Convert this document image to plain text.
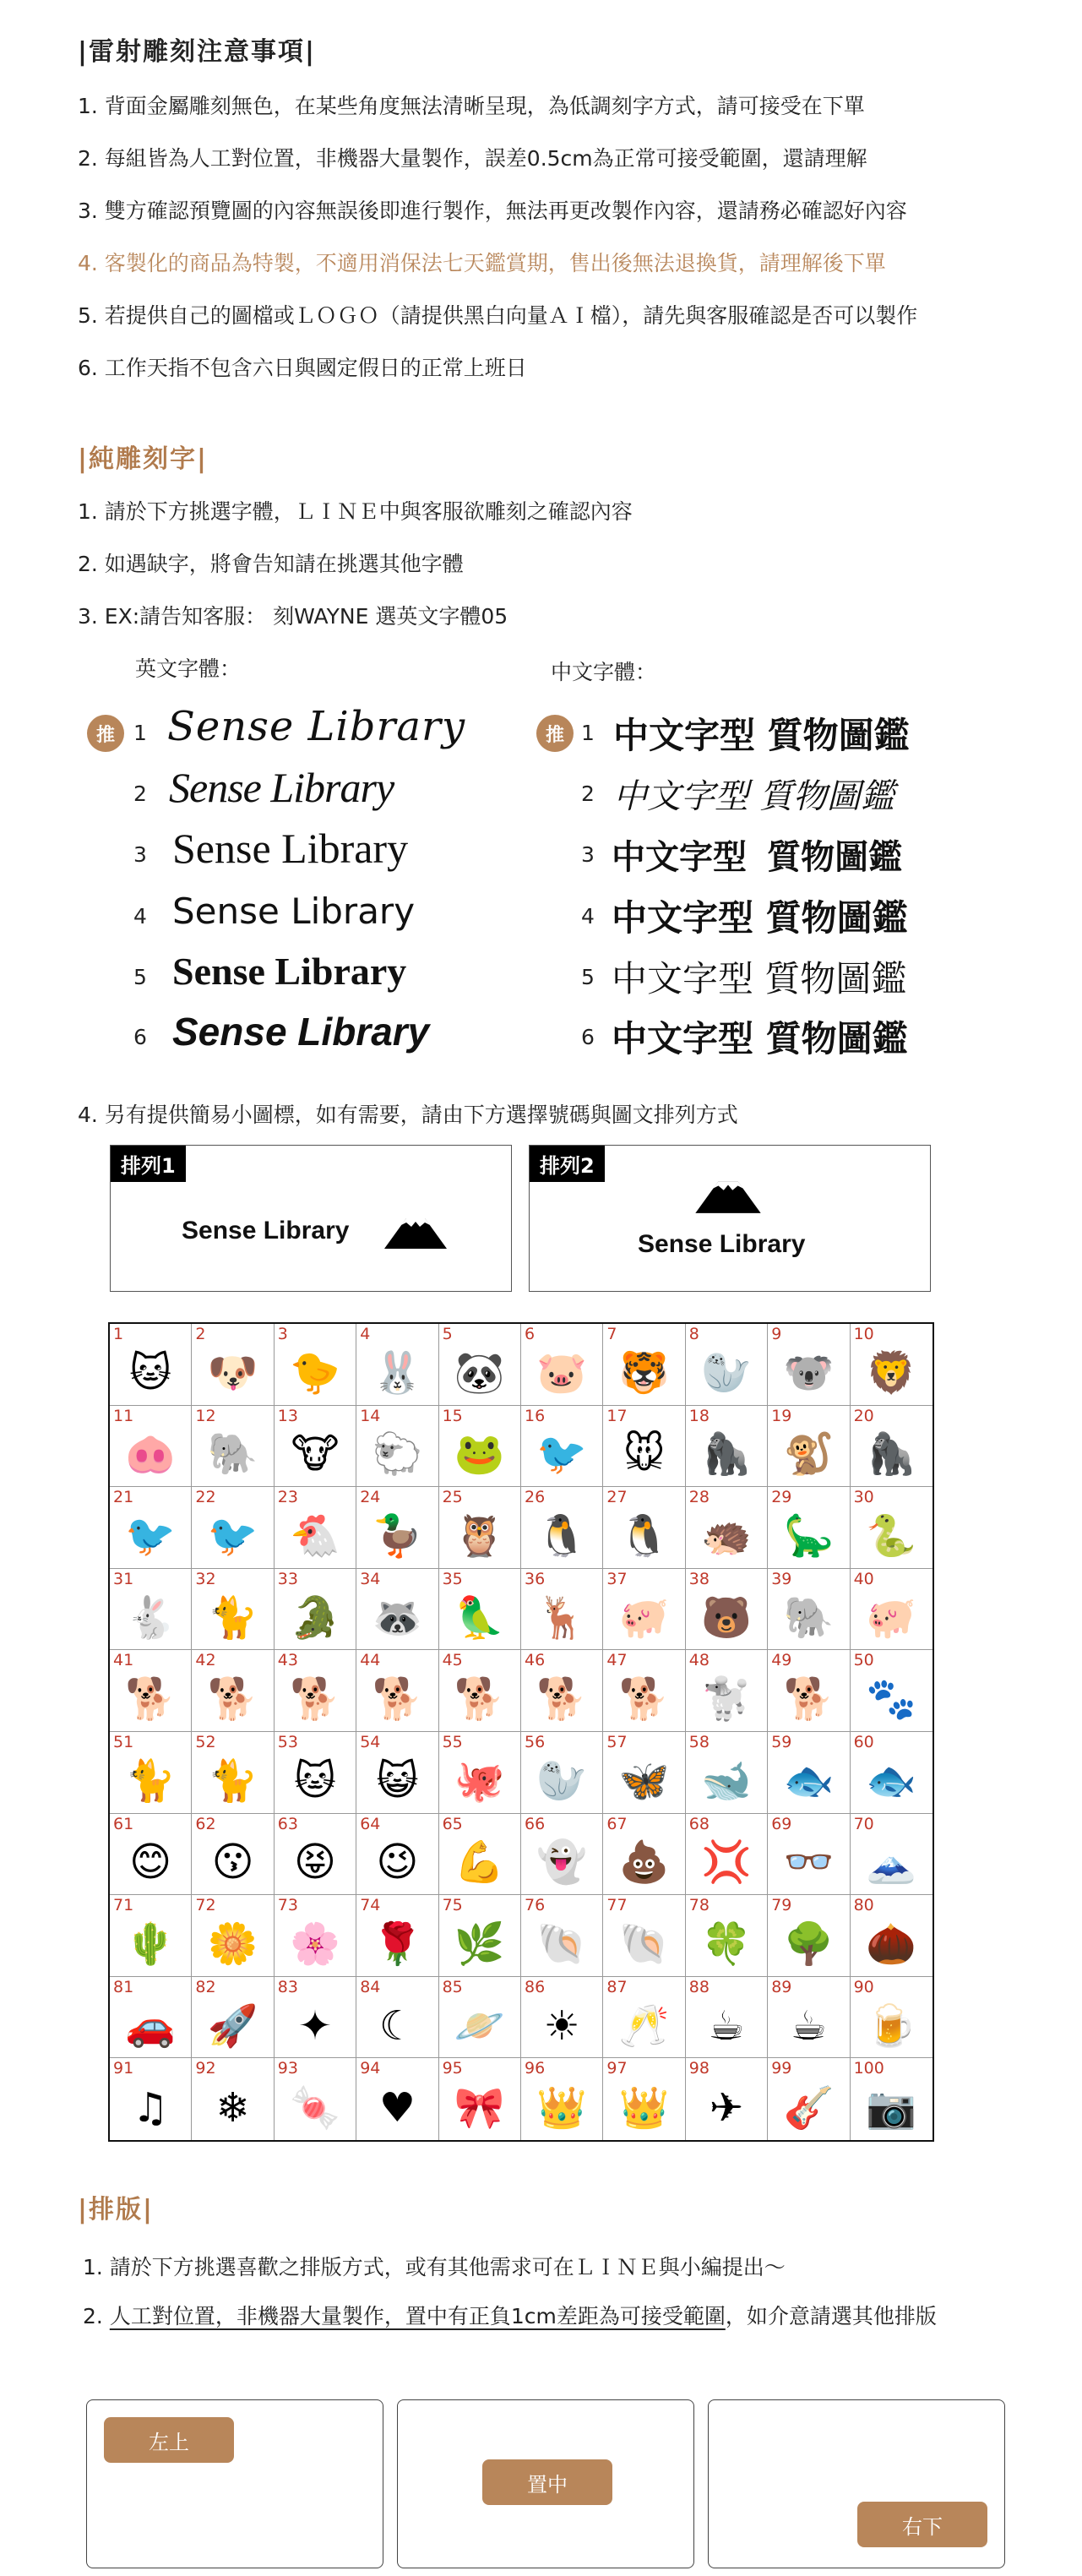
|雷射雕刻注意事項|
1. 背面金屬雕刻無色，在某些角度無法清晰呈現，為低調刻字方式，請可接受在下單
2. 每組皆為人工對位置，非機器大量製作，誤差0.5cm為正常可接受範圍，還請理解
3. 雙方確認預覽圖的內容無誤後即進行製作，無法再更改製作內容，還請務必確認好內容
4. 客製化的商品為特製，不適用消保法七天鑑賞期，售出後無法退換貨，請理解後下單
5. 若提供自己的圖檔或ＬＯＧＯ（請提供黑白向量ＡＩ檔），請先與客服確認是否可以製作
6. 工作天指不包含六日與國定假日的正常上班日
|純雕刻字|
1. 請於下方挑選字體，ＬＩＮＥ中與客服欲雕刻之確認內容
2. 如遇缺字，將會告知請在挑選其他字體
3. EX:請告知客服： 刻WAYNE 選英文字體05
英文字體：	中文字體：
推 1 Sense Library
2 Sense Library
3 Sense Library
4 Sense Library
5 Sense Library
6 Sense Library
推 1 中文字型 質物圖鑑
2 中文字型 質物圖鑑
3 中文字型 質物圖鑑
4 中文字型 質物圖鑑
5 中文字型 質物圖鑑
6 中文字型 質物圖鑑
4. 另有提供簡易小圖標，如有需要，請由下方選擇號碼與圖文排列方式
排列1
Sense Library
排列2
Sense Library
1
🐱
2
🐶
3
🐤
4
🐰
5
🐼
6
🐷
7
🐯
8
🦭
9
🐨
10
🦁
11
🐽
12
🐘
13
🐮
14
🐑
15
🐸
16
🐦
17
🐭
18
🦍
19
🐒
20
🦍
21
🐦
22
🐦
23
🐔
24
🦆
25
🦉
26
🐧
27
🐧
28
🦔
29
🦕
30
🐍
31
🐇
32
🐈
33
🐊
34
🦝
35
🦜
36
🦌
37
🐖
38
🐻
39
🐘
40
🐖
41
🐕
42
🐕
43
🐕
44
🐕
45
🐕
46
🐕
47
🐕
48
🐩
49
🐕
50
🐾
51
🐈
52
🐈
53
🐱
54
😺
55
🐙
56
🦭
57
🦋
58
🐋
59
🐟
60
🐟
61
😊
62
😗
63
😝
64
😉
65
💪
66
👻
67
💩
68
💢
69
👓
70
🗻
71
🌵
72
🌼
73
🌸
74
🌹
75
🌿
76
🐚
77
🐚
78
🍀
79
🌳
80
🌰
81
🚗
82
🚀
83
✦
84
☾
85
🪐
86
☀
87
🥂
88
☕
89
☕
90
🍺
91
♫
92
❄
93
🍬
94
♥
95
🎀
96
👑
97
👑
98
✈
99
🎸
100
📷
|排版|
1. 請於下方挑選喜歡之排版方式，或有其他需求可在ＬＩＮＥ與小編提出～
2. 人工對位置，非機器大量製作，置中有正負1cm差距為可接受範圍，如介意請選其他排版
左上
置中
右下
